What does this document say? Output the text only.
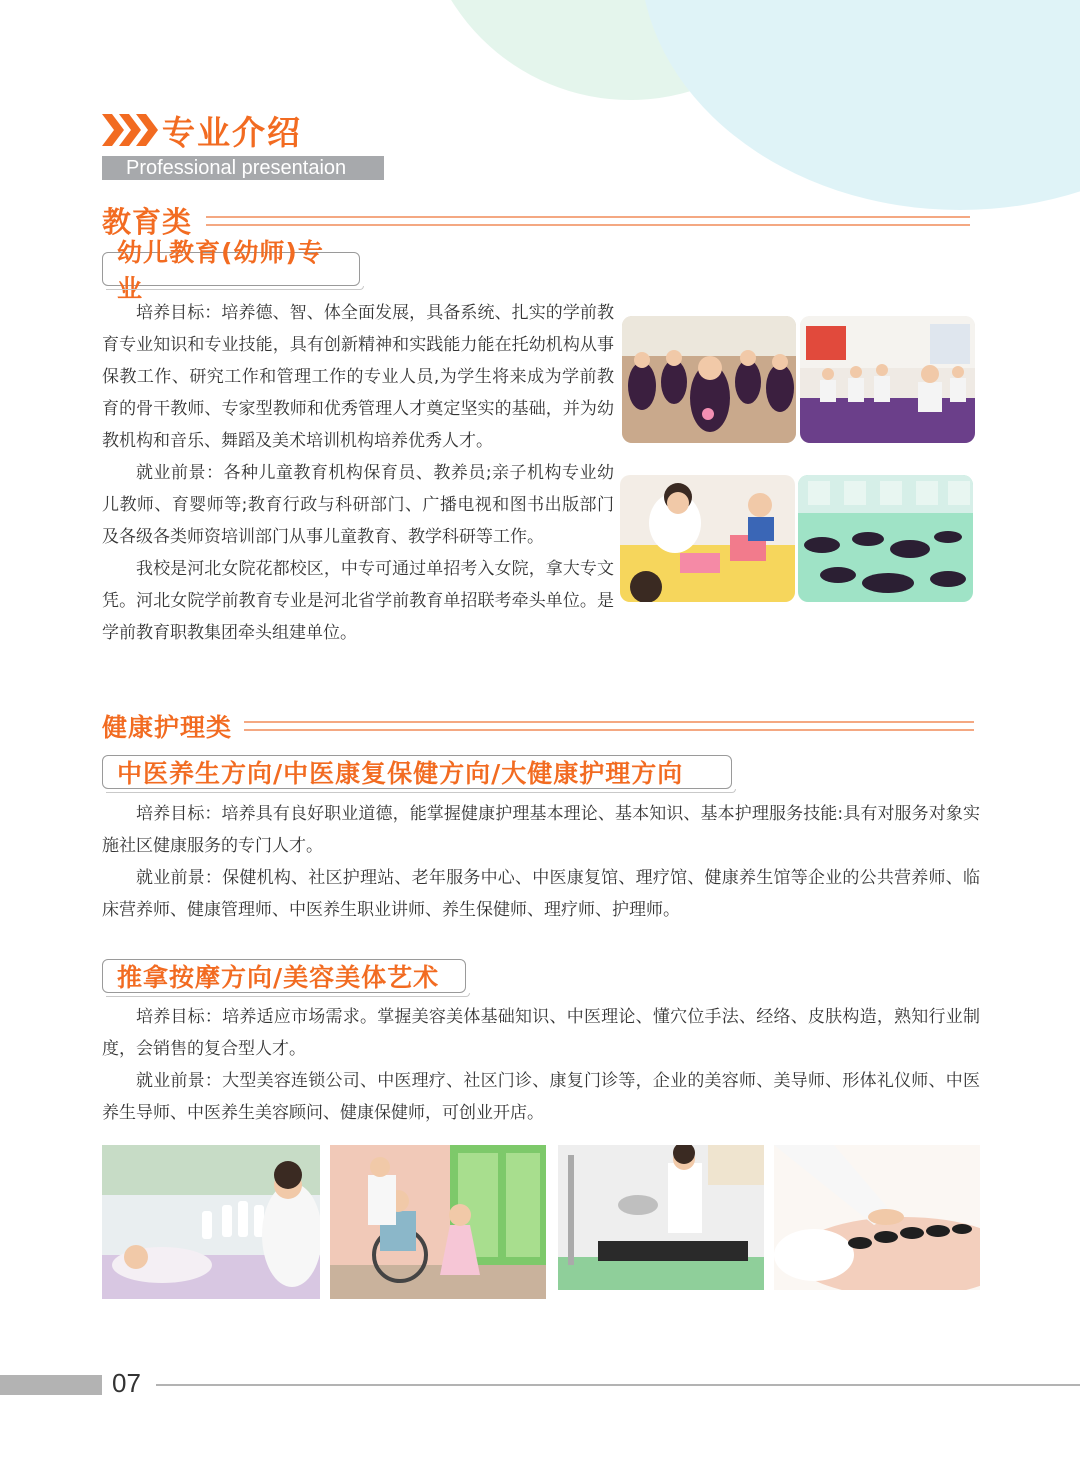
专业介绍
Professional presentaion
教育类
幼儿教育(幼师)专业
培养目标：培养德、智、体全面发展，具备系统、扎实的学前教育专业知识和专业技能，具有创新精神和实践能力能在托幼机构从事保教工作、研究工作和管理工作的专业人员,为学生将来成为学前教育的骨干教师、专家型教师和优秀管理人才奠定坚实的基础，并为幼教机构和音乐、舞蹈及美术培训机构培养优秀人才。
就业前景：各种儿童教育机构保育员、教养员;亲子机构专业幼儿教师、育婴师等;教育行政与科研部门、广播电视和图书出版部门及各级各类师资培训部门从事儿童教育、教学科研等工作。
我校是河北女院花都校区，中专可通过单招考入女院，拿大专文凭。河北女院学前教育专业是河北省学前教育单招联考牵头单位。是学前教育职教集团牵头组建单位。
健康护理类
中医养生方向/中医康复保健方向/大健康护理方向
培养目标：培养具有良好职业道德，能掌握健康护理基本理论、基本知识、基本护理服务技能:具有对服务对象实施社区健康服务的专门人才。
就业前景：保健机构、社区护理站、老年服务中心、中医康复馆、理疗馆、健康养生馆等企业的公共营养师、临床营养师、健康管理师、中医养生职业讲师、养生保健师、理疗师、护理师。
推拿按摩方向/美容美体艺术
培养目标：培养适应市场需求。掌握美容美体基础知识、中医理论、懂穴位手法、经络、皮肤构造，熟知行业制度，会销售的复合型人才。
就业前景：大型美容连锁公司、中医理疗、社区门诊、康复门诊等，企业的美容师、美导师、形体礼仪师、中医养生导师、中医养生美容顾问、健康保健师，可创业开店。
07
